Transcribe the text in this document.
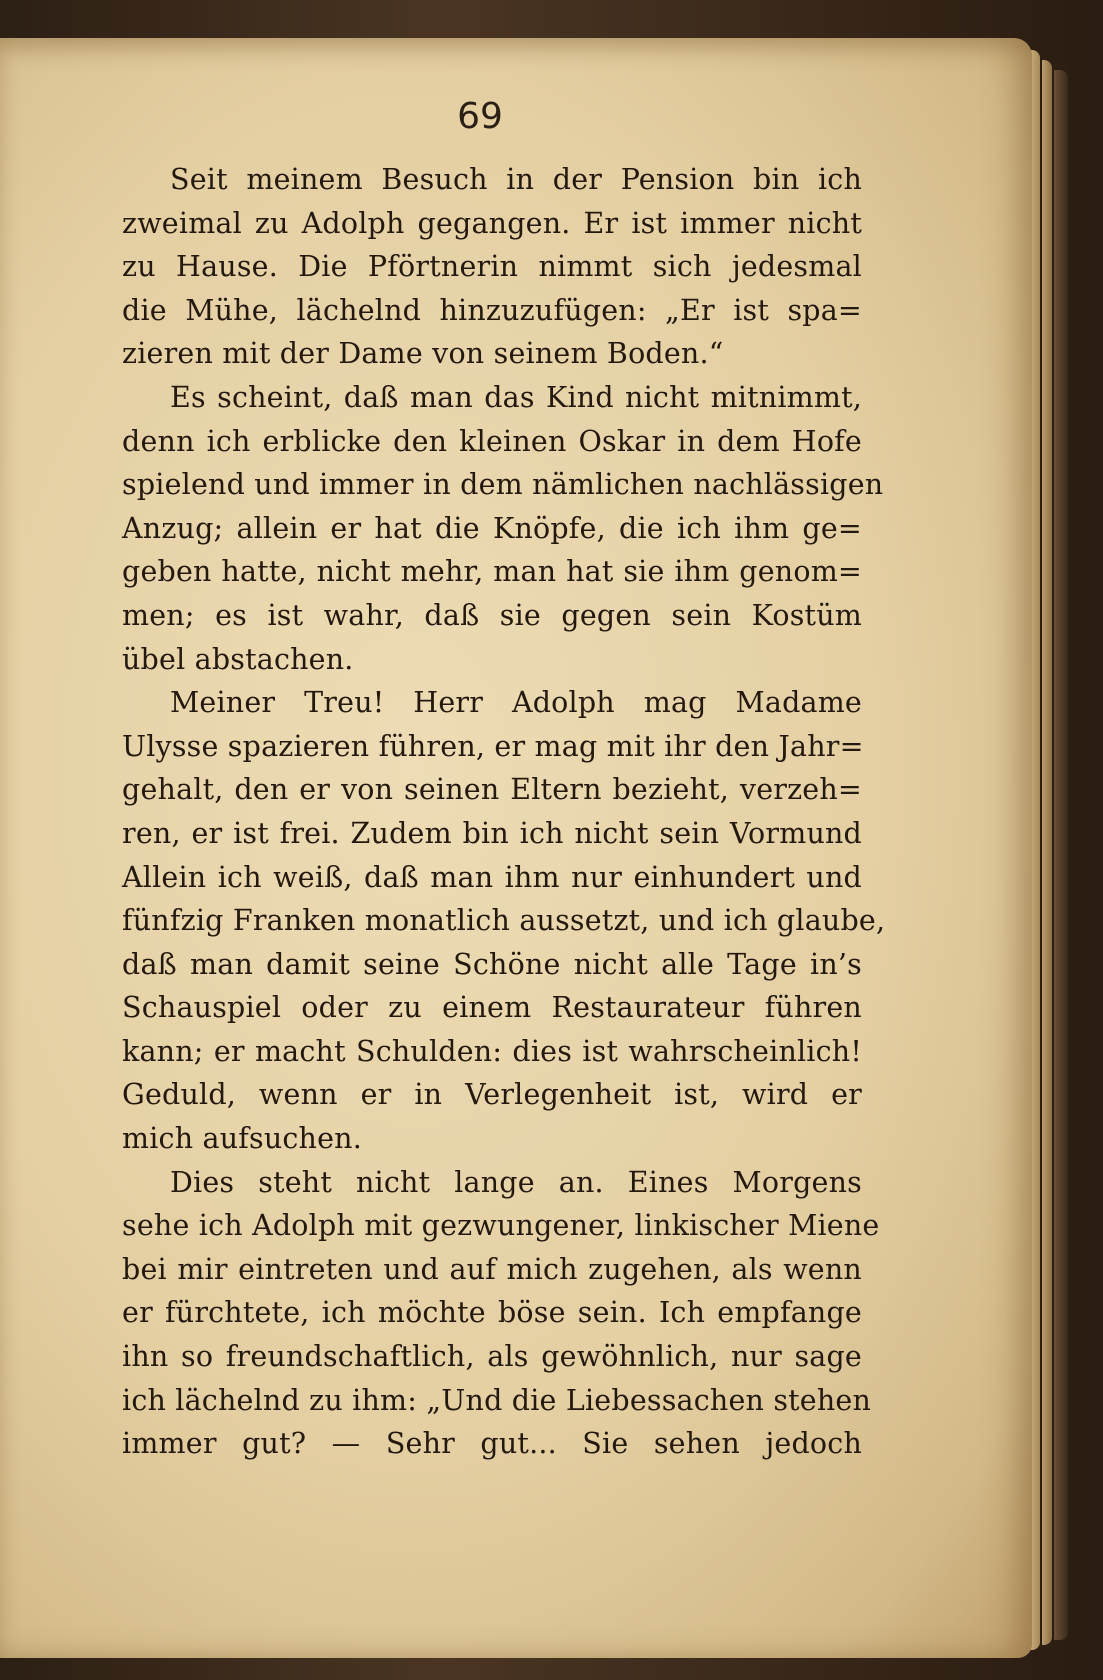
69
Seit meinem Besuch in der Pension bin ich
zweimal zu Adolph gegangen. Er ist immer nicht
zu Hause. Die Pförtnerin nimmt sich jedesmal
die Mühe, lächelnd hinzuzufügen: „Er ist spa=
zieren mit der Dame von seinem Boden.“
Es scheint, daß man das Kind nicht mitnimmt,
denn ich erblicke den kleinen Oskar in dem Hofe
spielend und immer in dem nämlichen nachlässigen
Anzug; allein er hat die Knöpfe, die ich ihm ge=
geben hatte, nicht mehr, man hat sie ihm genom=
men; es ist wahr, daß sie gegen sein Kostüm
übel abstachen.
Meiner Treu! Herr Adolph mag Madame
Ulysse spazieren führen, er mag mit ihr den Jahr=
gehalt, den er von seinen Eltern bezieht, verzeh=
ren, er ist frei. Zudem bin ich nicht sein Vormund
Allein ich weiß, daß man ihm nur einhundert und
fünfzig Franken monatlich aussetzt, und ich glaube,
daß man damit seine Schöne nicht alle Tage in’s
Schauspiel oder zu einem Restaurateur führen
kann; er macht Schulden: dies ist wahrscheinlich!
Geduld, wenn er in Verlegenheit ist, wird er
mich aufsuchen.
Dies steht nicht lange an. Eines Morgens
sehe ich Adolph mit gezwungener, linkischer Miene
bei mir eintreten und auf mich zugehen, als wenn
er fürchtete, ich möchte böse sein. Ich empfange
ihn so freundschaftlich, als gewöhnlich, nur sage
ich lächelnd zu ihm: „Und die Liebessachen stehen
immer gut? — Sehr gut... Sie sehen jedoch
